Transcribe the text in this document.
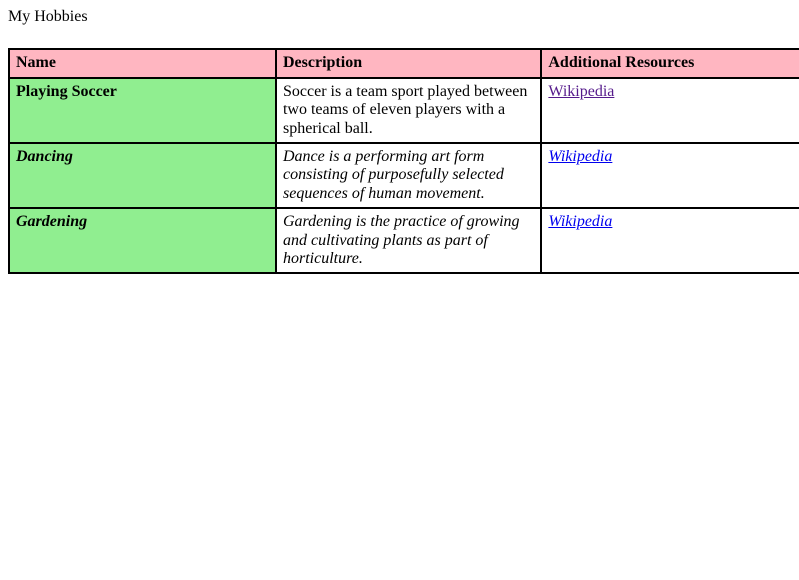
My Hobbies

Name	Description	Additional Resources
Playing Soccer	Soccer is a team sport played between two teams of eleven players with a spherical ball.	Wikipedia
Dancing	Dance is a performing art form consisting of purposefully selected sequences of human movement.	Wikipedia
Gardening	Gardening is the practice of growing and cultivating plants as part of horticulture.	Wikipedia
